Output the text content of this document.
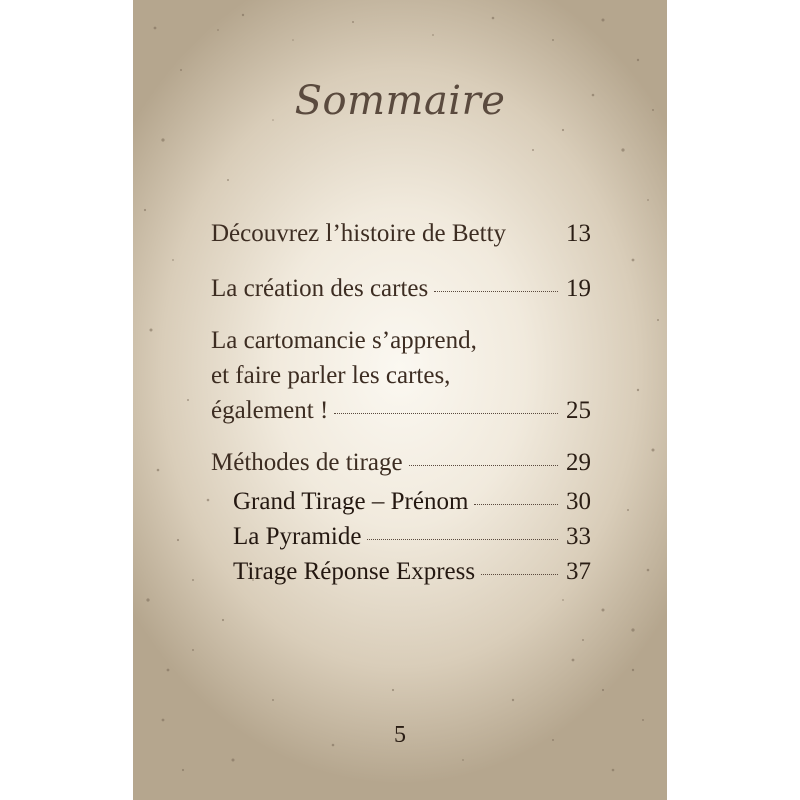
Sommaire
Découvrez l’histoire de Betty 13
La création des cartes	19
La cartomancie s’apprend,
et faire parler les cartes,
également !	25
Méthodes de tirage	29
Grand Tirage – Prénom	30
La Pyramide	33
Tirage Réponse Express	37
5
